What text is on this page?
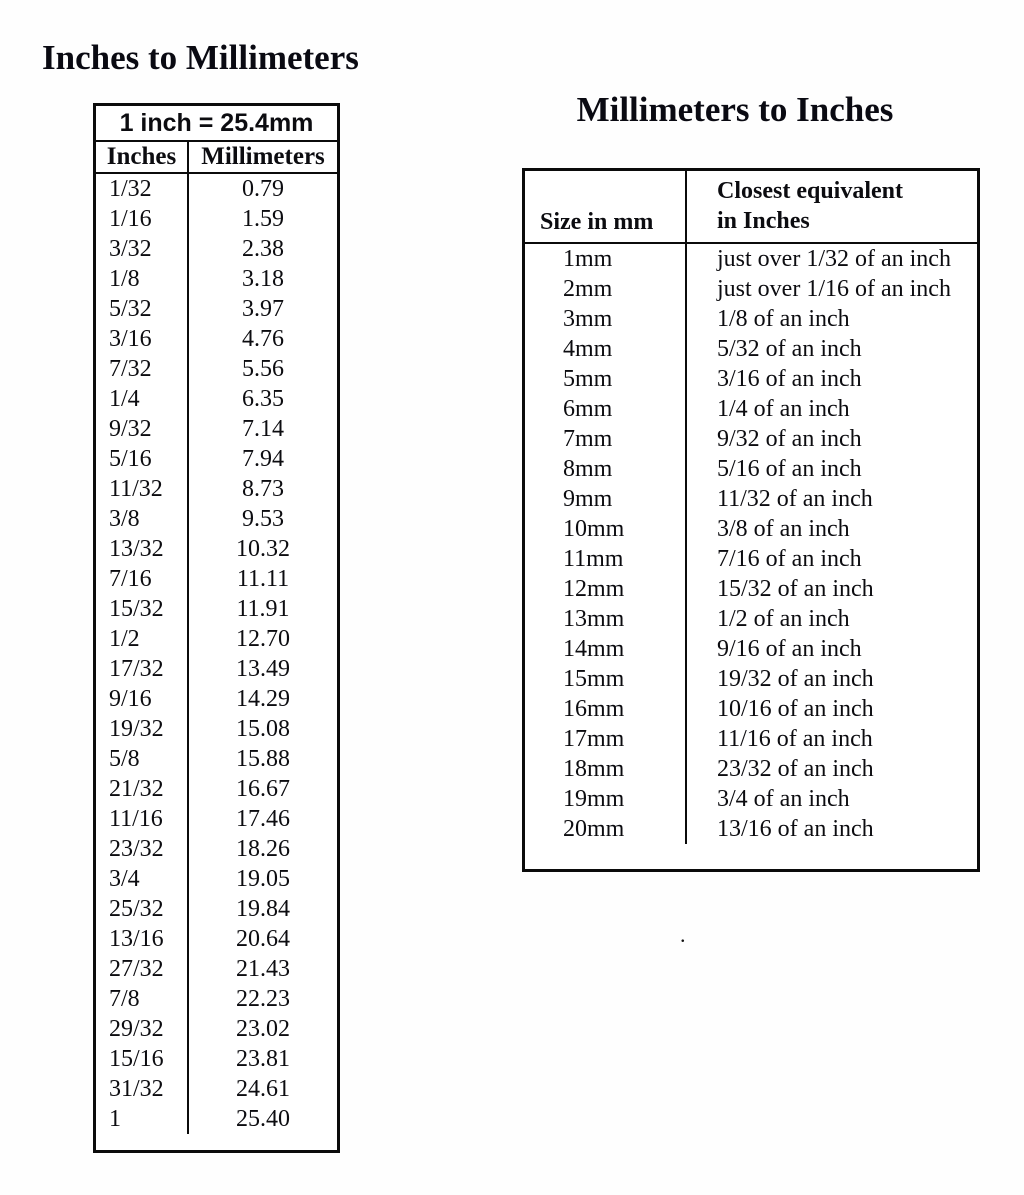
Inches to Millimeters
1 inch = 25.4mm	
Inches	Millimeters
1/32	0.79
1/16	1.59
3/32	2.38
1/8	3.18
5/32	3.97
3/16	4.76
7/32	5.56
1/4	6.35
9/32	7.14
5/16	7.94
11/32	8.73
3/8	9.53
13/32	10.32
7/16	11.11
15/32	11.91
1/2	12.70
17/32	13.49
9/16	14.29
19/32	15.08
5/8	15.88
21/32	16.67
11/16	17.46
23/32	18.26
3/4	19.05
25/32	19.84
13/16	20.64
27/32	21.43
7/8	22.23
29/32	23.02
15/16	23.81
31/32	24.61
1	25.40
Millimeters to Inches
Size in mm	Closest equivalent
in Inches

1mm	just over 1/32 of an inch
2mm	just over 1/16 of an inch
3mm	1/8 of an inch
4mm	5/32 of an inch
5mm	3/16 of an inch
6mm	1/4 of an inch
7mm	9/32 of an inch
8mm	5/16 of an inch
9mm	11/32 of an inch
10mm	3/8 of an inch
11mm	7/16 of an inch
12mm	15/32 of an inch
13mm	1/2 of an inch
14mm	9/16 of an inch
15mm	19/32 of an inch
16mm	10/16 of an inch
17mm	11/16 of an inch
18mm	23/32 of an inch
19mm	3/4 of an inch
20mm	13/16 of an inch
.
